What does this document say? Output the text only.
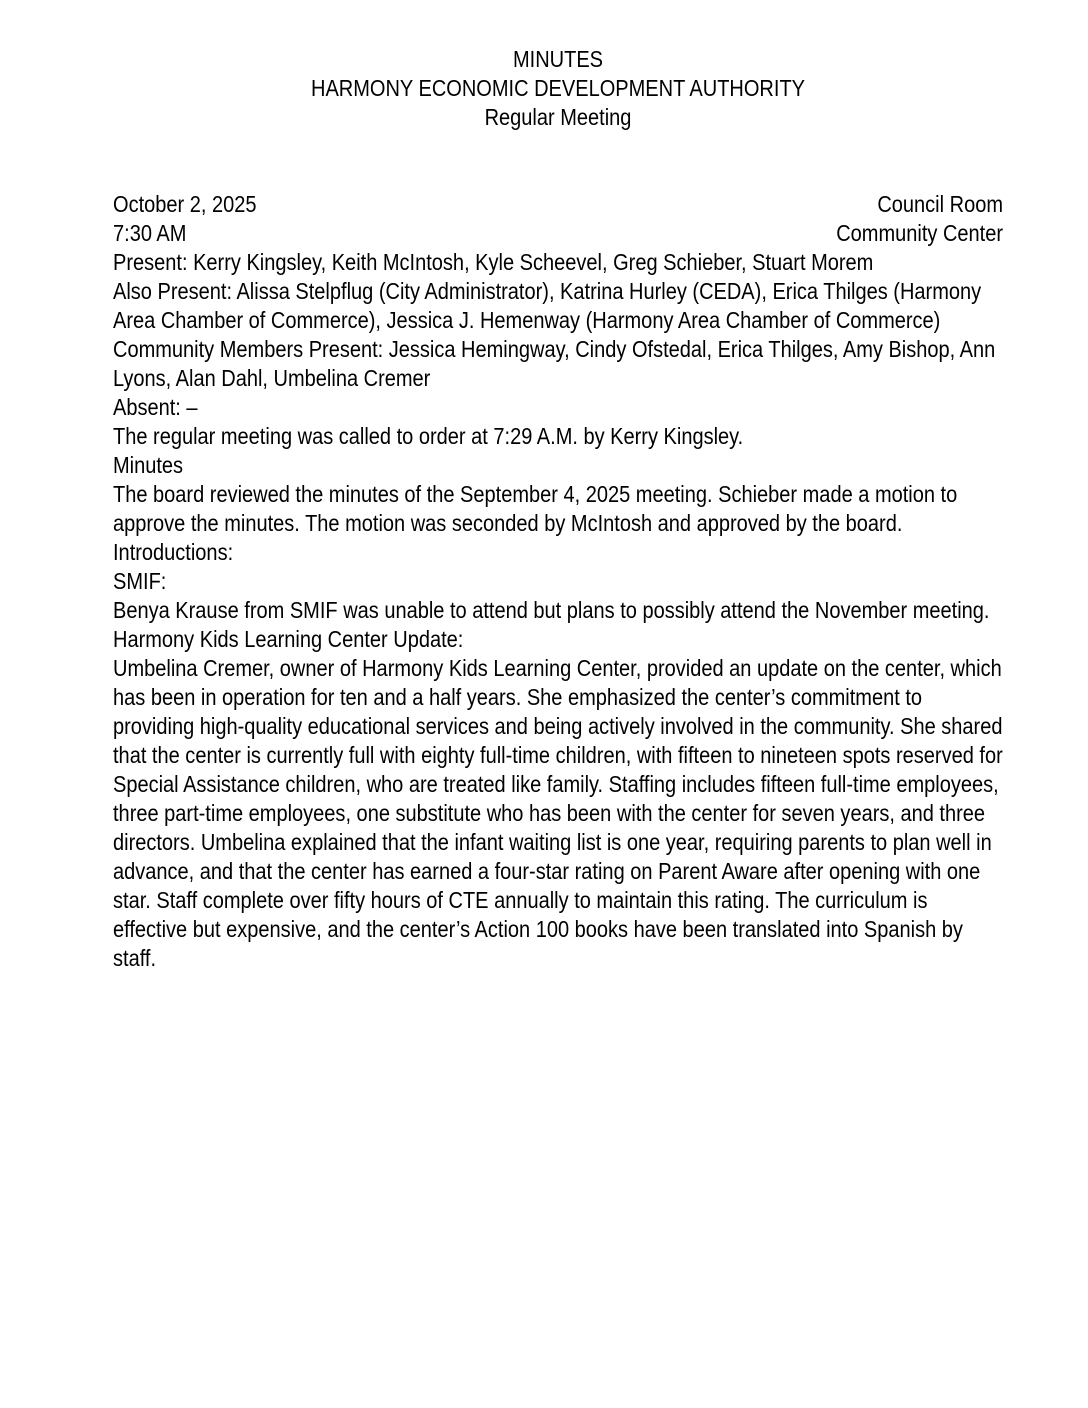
MINUTES
HARMONY ECONOMIC DEVELOPMENT AUTHORITY
Regular Meeting
October 2, 2025	Council Room
7:30 AM	Community Center

Present: Kerry Kingsley, Keith McIntosh, Kyle Scheevel, Greg Schieber, Stuart Morem

Also Present: Alissa Stelpflug (City Administrator), Katrina Hurley (CEDA), Erica Thilges (Harmony Area Chamber of Commerce), Jessica J. Hemenway (Harmony Area Chamber of Commerce)

Community Members Present: Jessica Hemingway, Cindy Ofstedal, Erica Thilges, Amy Bishop, Ann Lyons, Alan Dahl, Umbelina Cremer

Absent: –

The regular meeting was called to order at 7:29 A.M. by Kerry Kingsley.

Minutes

The board reviewed the minutes of the September 4, 2025 meeting. Schieber made a motion to approve the minutes. The motion was seconded by McIntosh and approved by the board.

Introductions:
SMIF:

Benya Krause from SMIF was unable to attend but plans to possibly attend the November meeting.

Harmony Kids Learning Center Update:

Umbelina Cremer, owner of Harmony Kids Learning Center, provided an update on the center, which has been in operation for ten and a half years. She emphasized the center’s commitment to providing high-quality educational services and being actively involved in the community. She shared that the center is currently full with eighty full-time children, with fifteen to nineteen spots reserved for Special Assistance children, who are treated like family. Staffing includes fifteen full-time employees, three part-time employees, one substitute who has been with the center for seven years, and three directors. Umbelina explained that the infant waiting list is one year, requiring parents to plan well in advance, and that the center has earned a four-star rating on Parent Aware after opening with one star. Staff complete over fifty hours of CTE annually to maintain this rating. The curriculum is effective but expensive, and the center’s Action 100 books have been translated into Spanish by staff.
